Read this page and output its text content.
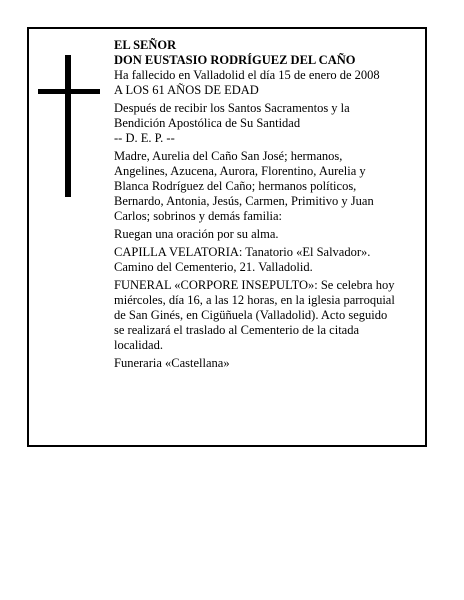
EL SEÑOR
DON EUSTASIO RODRÍGUEZ DEL CAÑO
Ha fallecido en Valladolid el día 15 de enero de 2008
A LOS 61 AÑOS DE EDAD
Después de recibir los Santos Sacramentos y la
Bendición Apostólica de Su Santidad
-- D. E. P. --
Madre, Aurelia del Caño San José; hermanos,
Angelines, Azucena, Aurora, Florentino, Aurelia y
Blanca Rodríguez del Caño; hermanos políticos,
Bernardo, Antonia, Jesús, Carmen, Primitivo y Juan
Carlos; sobrinos y demás familia:
Ruegan una oración por su alma.
CAPILLA VELATORIA: Tanatorio «El Salvador».
Camino del Cementerio, 21. Valladolid.
FUNERAL «CORPORE INSEPULTO»: Se celebra hoy
miércoles, día 16, a las 12 horas, en la iglesia parroquial
de San Ginés, en Cigüñuela (Valladolid). Acto seguido
se realizará el traslado al Cementerio de la citada
localidad.
Funeraria «Castellana»
